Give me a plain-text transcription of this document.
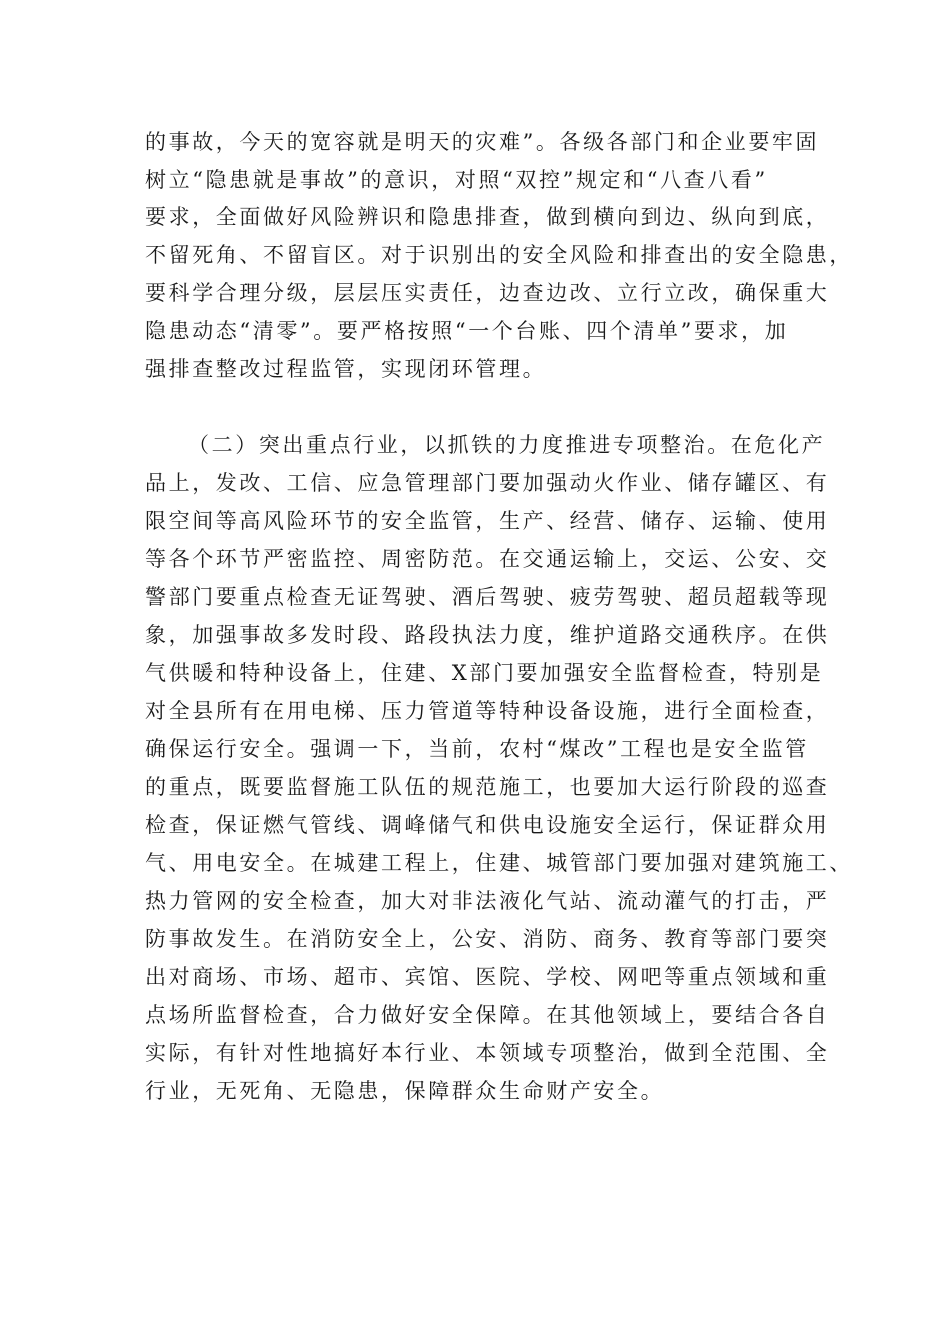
的事故，今天的宽容就是明天的灾难”。各级各部门和企业要牢固

树立“隐患就是事故”的意识，对照“双控”规定和“八查八看”

要求，全面做好风险辨识和隐患排查，做到横向到边、纵向到底，

不留死角、不留盲区。对于识别出的安全风险和排查出的安全隐患，

要科学合理分级，层层压实责任，边查边改、立行立改，确保重大

隐患动态“清零”。要严格按照“一个台账、四个清单”要求，加

强排查整改过程监管，实现闭环管理。

（二）突出重点行业，以抓铁的力度推进专项整治。在危化产

品上，发改、工信、应急管理部门要加强动火作业、储存罐区、有

限空间等高风险环节的安全监管，生产、经营、储存、运输、使用

等各个环节严密监控、周密防范。在交通运输上，交运、公安、交

警部门要重点检查无证驾驶、酒后驾驶、疲劳驾驶、超员超载等现

象，加强事故多发时段、路段执法力度，维护道路交通秩序。在供

气供暖和特种设备上，住建、X部门要加强安全监督检查，特别是

对全县所有在用电梯、压力管道等特种设备设施，进行全面检查，

确保运行安全。强调一下，当前，农村“煤改”工程也是安全监管

的重点，既要监督施工队伍的规范施工，也要加大运行阶段的巡查

检查，保证燃气管线、调峰储气和供电设施安全运行，保证群众用

气、用电安全。在城建工程上，住建、城管部门要加强对建筑施工、

热力管网的安全检查，加大对非法液化气站、流动灌气的打击，严

防事故发生。在消防安全上，公安、消防、商务、教育等部门要突

出对商场、市场、超市、宾馆、医院、学校、网吧等重点领域和重

点场所监督检查，合力做好安全保障。在其他领域上，要结合各自

实际，有针对性地搞好本行业、本领域专项整治，做到全范围、全

行业，无死角、无隐患，保障群众生命财产安全。
